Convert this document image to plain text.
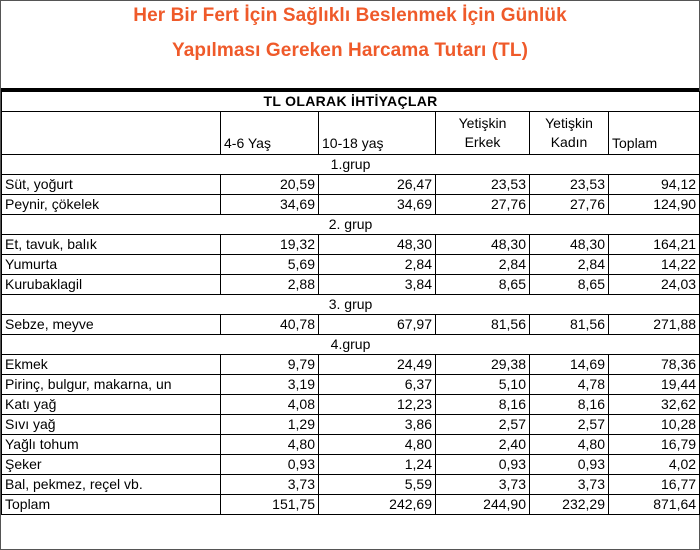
Her Bir Fert İçin Sağlıklı Beslenmek İçin Günlük
Yapılması Gereken Harcama Tutarı (TL)
TL OLARAK İHTİYAÇLAR					
	4-6 Yaş	10-18 yaş	Yetişkin Erkek	Yetişkin Kadın	Toplam
1.grup					
Süt, yoğurt	20,59	26,47	23,53	23,53	94,12
Peynir, çökelek	34,69	34,69	27,76	27,76	124,90
2. grup					
Et, tavuk, balık	19,32	48,30	48,30	48,30	164,21
Yumurta	5,69	2,84	2,84	2,84	14,22
Kurubaklagil	2,88	3,84	8,65	8,65	24,03
3. grup					
Sebze, meyve	40,78	67,97	81,56	81,56	271,88
4.grup					
Ekmek	9,79	24,49	29,38	14,69	78,36
Pirinç, bulgur, makarna, un	3,19	6,37	5,10	4,78	19,44
Katı yağ	4,08	12,23	8,16	8,16	32,62
Sıvı yağ	1,29	3,86	2,57	2,57	10,28
Yağlı tohum	4,80	4,80	2,40	4,80	16,79
Şeker	0,93	1,24	0,93	0,93	4,02
Bal, pekmez, reçel vb.	3,73	5,59	3,73	3,73	16,77
Toplam	151,75	242,69	244,90	232,29	871,64
